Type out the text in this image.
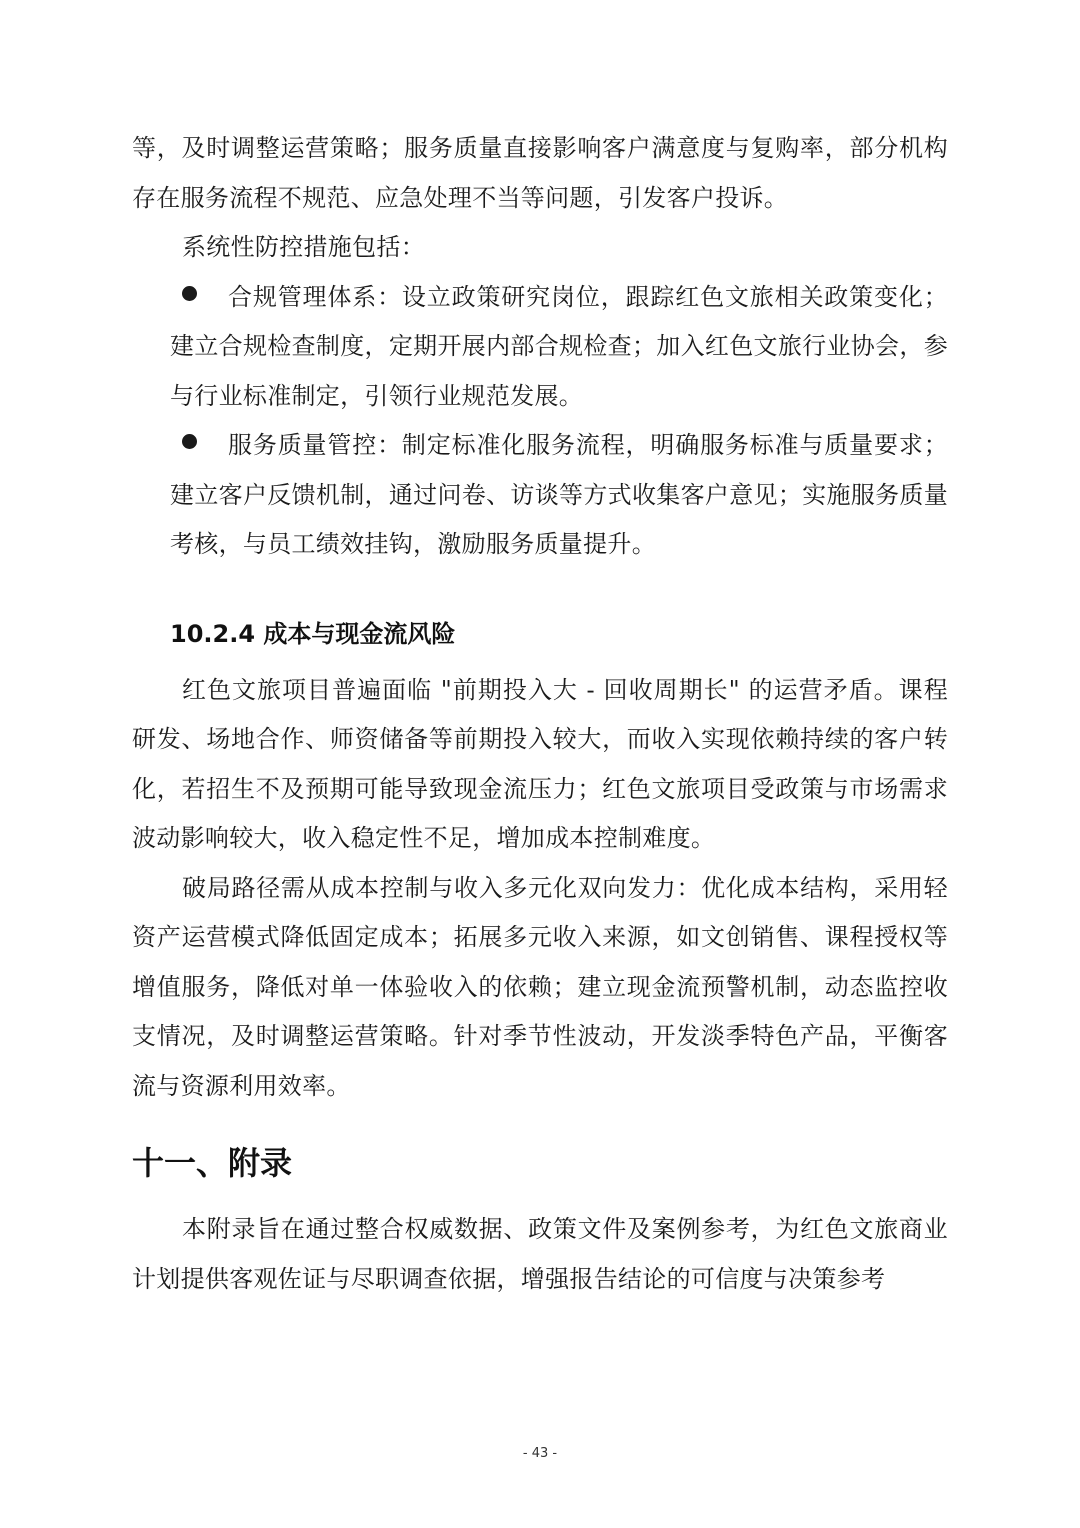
等，及时调整运营策略；服务质量直接影响客户满意度与复购率，部分机构存在服务流程不规范、应急处理不当等问题，引发客户投诉。

系统性防控措施包括：

合规管理体系：设立政策研究岗位，跟踪红色文旅相关政策变化；建立合规检查制度，定期开展内部合规检查；加入红色文旅行业协会，参与行业标准制定，引领行业规范发展。
服务质量管控：制定标准化服务流程，明确服务标准与质量要求；建立客户反馈机制，通过问卷、访谈等方式收集客户意见；实施服务质量考核，与员工绩效挂钩，激励服务质量提升。
10.2.4 成本与现金流风险

红色文旅项目普遍面临 "前期投入大 - 回收周期长" 的运营矛盾。课程研发、场地合作、师资储备等前期投入较大，而收入实现依赖持续的客户转化，若招生不及预期可能导致现金流压力；红色文旅项目受政策与市场需求波动影响较大，收入稳定性不足，增加成本控制难度。

破局路径需从成本控制与收入多元化双向发力：优化成本结构，采用轻资产运营模式降低固定成本；拓展多元收入来源，如文创销售、课程授权等增值服务，降低对单一体验收入的依赖；建立现金流预警机制，动态监控收支情况，及时调整运营策略。针对季节性波动，开发淡季特色产品，平衡客流与资源利用效率。

十一、附录

本附录旨在通过整合权威数据、政策文件及案例参考，为红色文旅商业计划提供客观佐证与尽职调查依据，增强报告结论的可信度与决策参考

- 43 -
